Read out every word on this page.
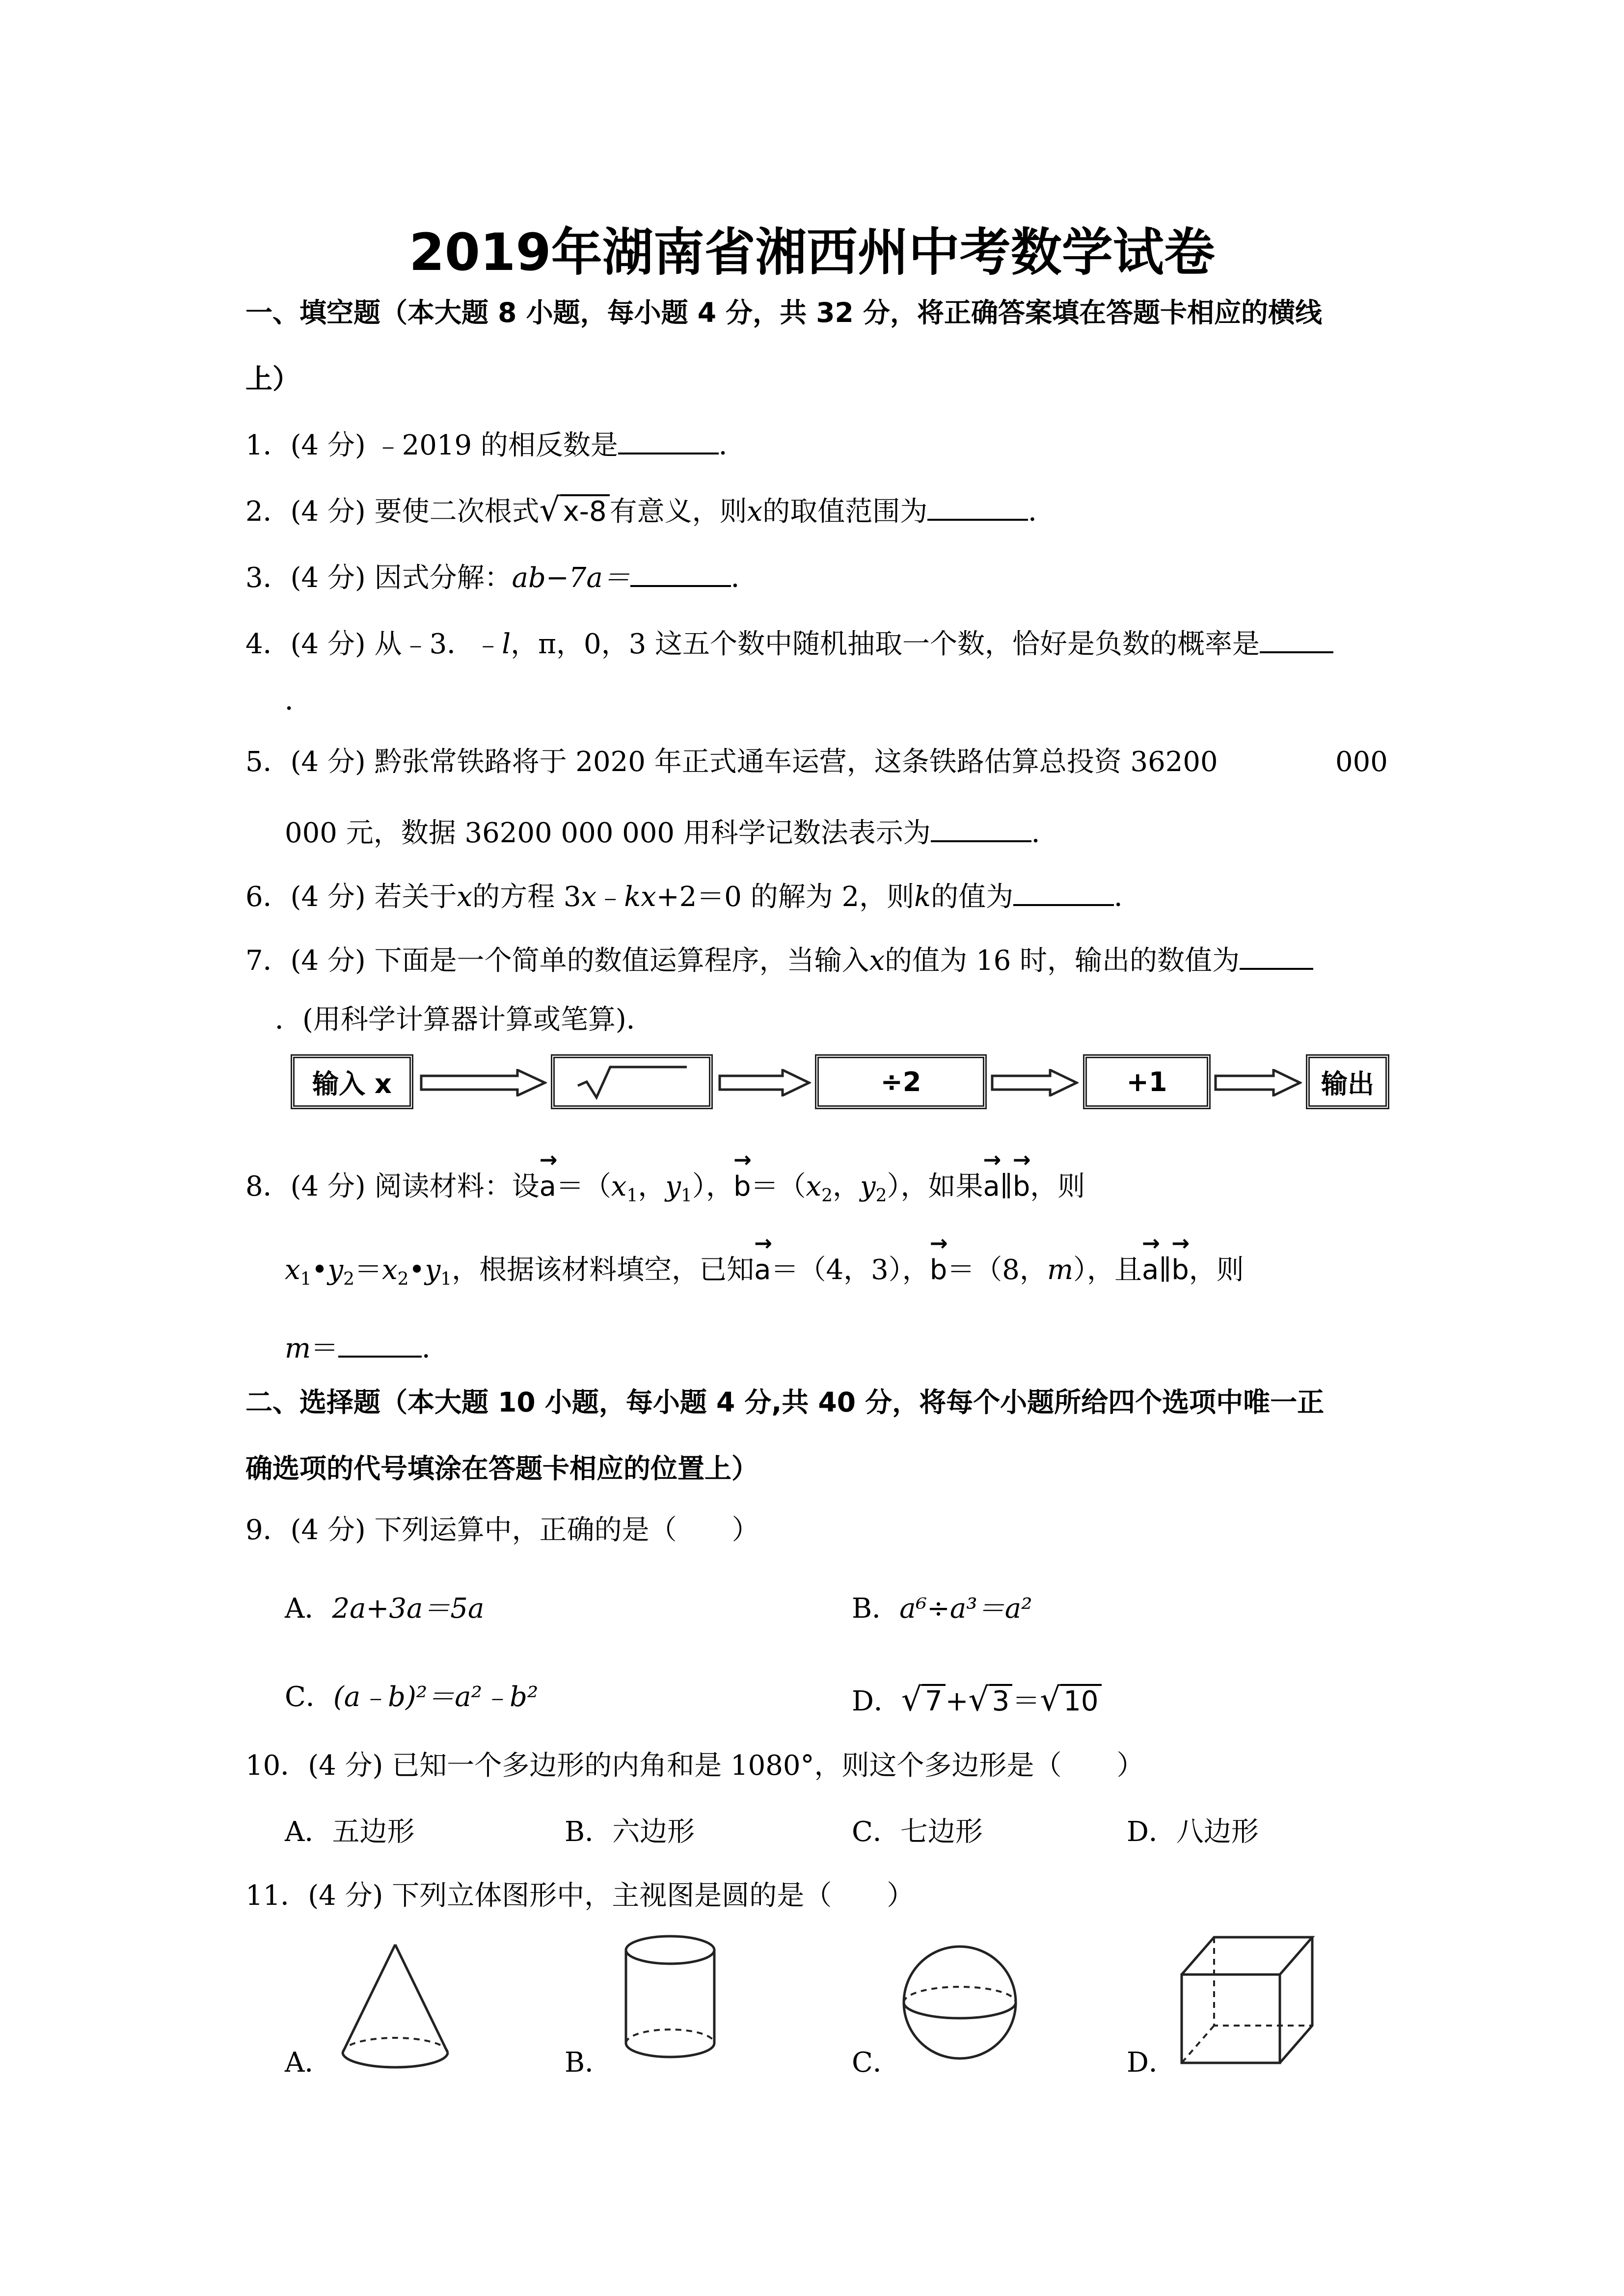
2019年湖南省湘西州中考数学试卷
一、填空题（本大题 8 小题，每小题 4 分，共 32 分，将正确答案填在答题卡相应的横线
上）
1．(4 分) ﹣2019 的相反数是	．
2．(4 分) 要使二次根式√ x-8 有意义，则x的取值范围为	．
3．(4 分) 因式分解：ab−7a＝	．
4．(4 分) 从﹣3．﹣l，π，0，3 这五个数中随机抽取一个数，恰好是负数的概率是
．
5．(4 分) 黔张常铁路将于 2020 年正式通车运营，这条铁路估算总投资 36200	000
000 元，数据 36200 000 000 用科学记数法表示为	．
6．(4 分) 若关于x的方程 3x﹣kx+2＝0 的解为 2，则k的值为	．
7．(4 分) 下面是一个简单的数值运算程序，当输入x的值为 16 时，输出的数值为
．(用科学计算器计算或笔算)．
输入 x	÷2	+1	输出
8．(4 分) 阅读材料：设→ $a=(x_1$，$y_1$），→ $b=(x_2$，$y_2$），如果→ a∥→ b，则
$x_1•y_2=x_2•y_1$，根据该材料填空，已知→ a＝（4，3），→ b＝（8，m），且→ a∥→ b，则
m＝	．
二、选择题（本大题 10 小题，每小题 4 分,共 40 分，将每个小题所给四个选项中唯一正
确选项的代号填涂在答题卡相应的位置上）
9．(4 分) 下列运算中，正确的是（　　）
A．2a+3a＝5a	B．a⁶÷a³＝a²
C．(a﹣b)²＝a²﹣b²	D．√ 7 +√ 3 ＝√ 10
10．(4 分) 已知一个多边形的内角和是 1080°，则这个多边形是（　　）
A．五边形	B．六边形	C．七边形	D．八边形
11．(4 分) 下列立体图形中，主视图是圆的是（　　）
A．	B．	C．	D．
